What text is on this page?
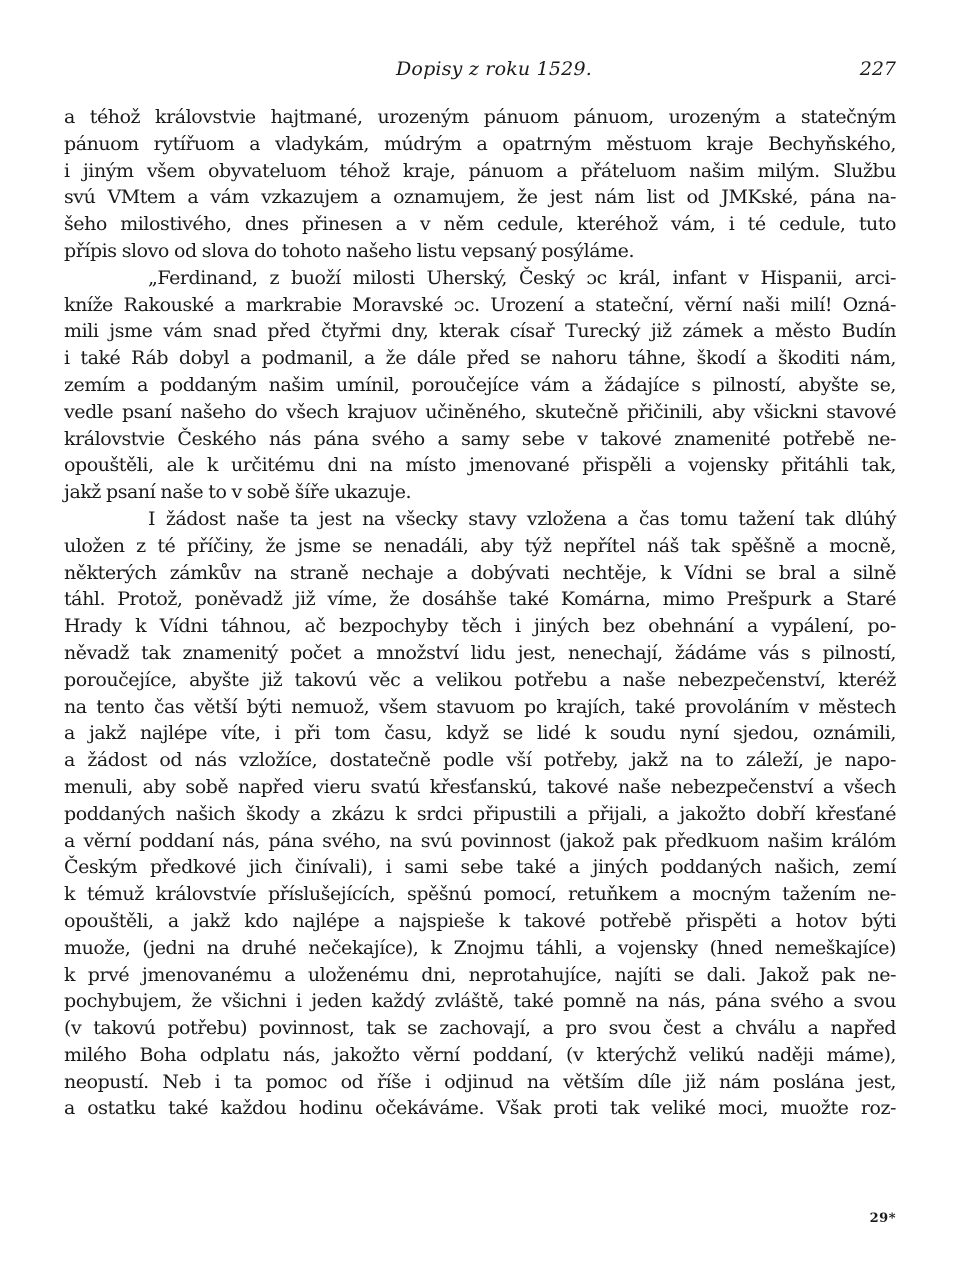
Dopisy z roku 1529.	227
a téhož královstvie hajtmané, urozeným pánuom pánuom, urozeným a statečným
pánuom rytířuom a vladykám, múdrým a opatrným městuom kraje Bechyňského,
i jiným všem obyvateluom téhož kraje, pánuom a přáteluom našim milým. Službu
svú VMtem a vám vzkazujem a oznamujem, že jest nám list od JMKské, pána na-
šeho milostivého, dnes přinesen a v něm cedule, kteréhož vám, i té cedule, tuto
přípis slovo od slova do tohoto našeho listu vepsaný posýláme.
„Ferdinand, z buoží milosti Uherský, Český ɔc král, infant v Hispanii, arci-
kníže Rakouské a markrabie Moravské ɔc. Urození a stateční, věrní naši milí! Ozná-
mili jsme vám snad před čtyřmi dny, kterak císař Turecký již zámek a město Budín
i také Ráb dobyl a podmanil, a že dále před se nahoru táhne, škodí a škoditi nám,
zemím a poddaným našim umínil, poroučejíce vám a žádajíce s pilností, abyšte se,
vedle psaní našeho do všech krajuov učiněného, skutečně přičinili, aby všickni stavové
královstvie Českého nás pána svého a samy sebe v takové znamenité potřebě ne-
opouštěli, ale k určitému dni na místo jmenované přispěli a vojensky přitáhli tak,
jakž psaní naše to v sobě šíře ukazuje.
I žádost naše ta jest na všecky stavy vzložena a čas tomu tažení tak dlúhý
uložen z té příčiny, že jsme se nenadáli, aby týž nepřítel náš tak spěšně a mocně,
některých zámkův na straně nechaje a dobývati nechtěje, k Vídni se bral a silně
táhl. Protož, poněvadž již víme, že dosáhše také Komárna, mimo Prešpurk a Staré
Hrady k Vídni táhnou, ač bezpochyby těch i jiných bez obehnání a vypálení, po-
něvadž tak znamenitý počet a množství lidu jest, nenechají, žádáme vás s pilností,
poroučejíce, abyšte již takovú věc a velikou potřebu a naše nebezpečenství, kteréž
na tento čas větší býti nemuož, všem stavuom po krajích, také provoláním v městech
a jakž najlépe víte, i při tom času, když se lidé k soudu nyní sjedou, oznámili,
a žádost od nás vzložíce, dostatečně podle vší potřeby, jakž na to záleží, je napo-
menuli, aby sobě napřed vieru svatú křesťanskú, takové naše nebezpečenství a všech
poddaných našich škody a zkázu k srdci připustili a přijali, a jakožto dobří křesťané
a věrní poddaní nás, pána svého, na svú povinnost (jakož pak předkuom našim králóm
Českým předkové jich činívali), i sami sebe také a jiných poddaných našich, zemí
k témuž královstvíe příslušejících, spěšnú pomocí, retuňkem a mocným tažením ne-
opouštěli, a jakž kdo najlépe a najspieše k takové potřebě přispěti a hotov býti
muože, (jedni na druhé nečekajíce), k Znojmu táhli, a vojensky (hned nemeškajíce)
k prvé jmenovanému a uloženému dni, neprotahujíce, najíti se dali. Jakož pak ne-
pochybujem, že všichni i jeden každý zvláště, také pomně na nás, pána svého a svou
(v takovú potřebu) povinnost, tak se zachovají, a pro svou čest a chválu a napřed
milého Boha odplatu nás, jakožto věrní poddaní, (v kterýchž velikú naději máme),
neopustí. Neb i ta pomoc od říše i odjinud na větším díle již nám poslána jest,
a ostatku také každou hodinu očekáváme. Však proti tak veliké moci, muožte roz-
29*
